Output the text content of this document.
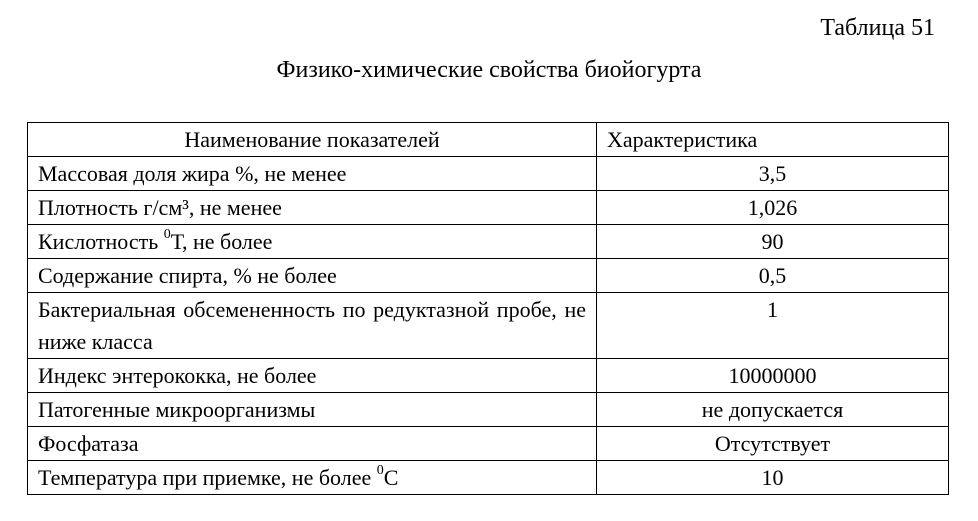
Таблица 51
Физико-химические свойства биойогурта
Наименование показателей	Характеристика
Массовая доля жира %, не менее	3,5
Плотность г/см³, не менее	1,026
Кислотность $^0$Т, не более	90
Содержание спирта, % не более	0,5
Бактериальная обсемененность по редуктазной пробе, не ниже класса	1
Индекс энтерококка, не более	10000000
Патогенные микроорганизмы	не допускается
Фосфатаза	Отсутствует
Температура при приемке, не более $^0$С	10
